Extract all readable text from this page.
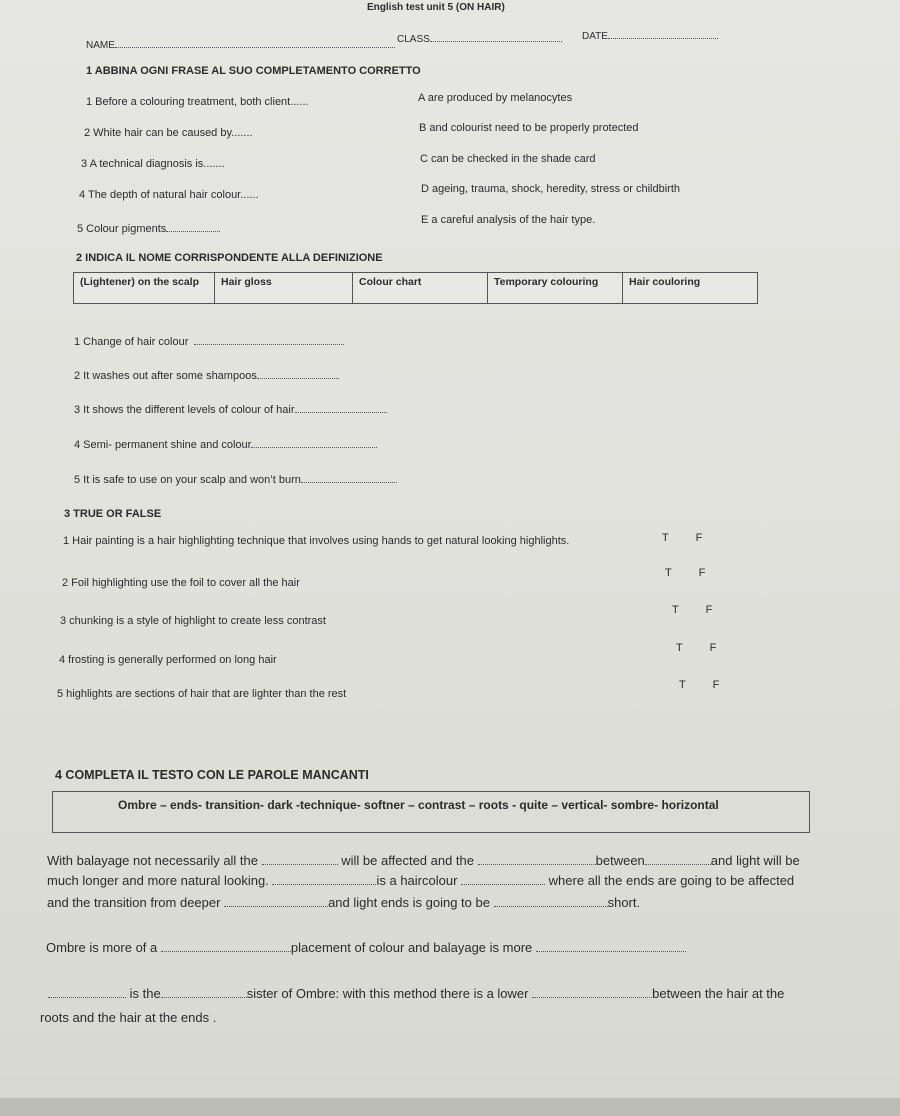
English test unit 5 (ON HAIR)
NAME
CLASS	DATE
1 ABBINA OGNI FRASE AL SUO COMPLETAMENTO CORRETTO
1 Before a colouring treatment, both client......
2 White hair can be caused by.......
3 A technical diagnosis is.......
4 The depth of natural hair colour......
5 Colour pigments
A are produced by melanocytes
B and colourist need to be properly protected
C can be checked in the shade card
D ageing, trauma, shock, heredity, stress or childbirth
E a careful analysis of the hair type.
2 INDICA IL NOME CORRISPONDENTE ALLA DEFINIZIONE
(Lightener) on the scalp	Hair gloss	Colour chart	Temporary colouring	Hair couloring
1 Change of hair colour
2 It washes out after some shampoos
3 It shows the different levels of colour of hair
4 Semi- permanent shine and colour
5 It is safe to use on your scalp and won’t burn
3 TRUE OR FALSE
1 Hair painting is a hair highlighting technique that involves using hands to get natural looking highlights.	T F
2 Foil highlighting use the foil to cover all the hair
T F
3 chunking is a style of highlight to create less contrast
T F
4 frosting is generally performed on long hair
T F
5 highlights are sections of hair that are lighter than the rest
T F
4 COMPLETA IL TESTO CON LE PAROLE MANCANTI
Ombre – ends- transition- dark -technique- softner – contrast – roots - quite – vertical- sombre- horizontal
With balayage not necessarily all the	will be affected and the	between	and light will be
much longer and more natural looking.	is a haircolour	where all the ends are going to be affected
and the transition from deeper	and light ends is going to be	short.
Ombre is more of a	placement of colour and balayage is more
is the	sister of Ombre: with this method there is a lower	between the hair at the
roots and the hair at the ends .
